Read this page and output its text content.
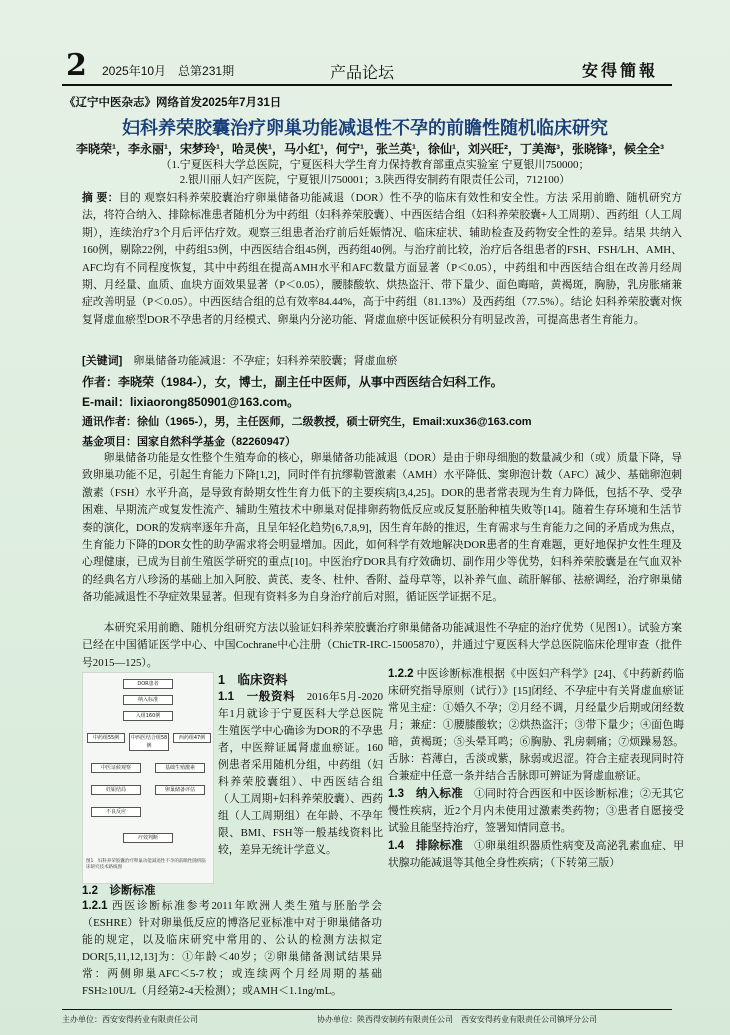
2 2025年10月　总第231期	产品论坛	安得簡報
《辽宁中医杂志》网络首发2025年7月31日
妇科养荣胶囊治疗卵巢功能减退性不孕的前瞻性随机临床研究
李晓荣¹，李永丽¹，宋梦玲¹，哈灵侠¹，马小红¹，何宁¹，张兰英¹，徐仙¹，刘兴旺²，丁美海³，张晓锋³，候全全³
（1.宁夏医科大学总医院，宁夏医科大学生育力保持教育部重点实验室 宁夏银川750000；
2.银川丽人妇产医院，宁夏银川750001；3.陕西得安制药有限责任公司，712100）
摘 要：目的 观察妇科养荣胶囊治疗卵巢储备功能减退（DOR）性不孕的临床有效性和安全性。方法 采用前瞻、随机研究方法，将符合纳入、排除标准患者随机分为中药组（妇科养荣胶囊）、中西医结合组（妇科养荣胶囊+人工周期）、西药组（人工周期），连续治疗3个月后评估疗效。观察三组患者治疗前后妊娠情况、临床症状、辅助检查及药物安全性的差异。结果 共纳入160例，剔除22例，中药组53例，中西医结合组45例，西药组40例。与治疗前比较，治疗后各组患者的FSH、FSH/LH、AMH、AFC均有不同程度恢复，其中中药组在提高AMH水平和AFC数量方面显著（P＜0.05），中药组和中西医结合组在改善月经周期、月经量、血质、血块方面效果显著（P＜0.05），腰膝酸软、烘热盗汗、带下量少、面色晦暗，黄褐斑，胸胁，乳房胀痛兼症改善明显（P＜0.05）。中西医结合组的总有效率84.44%，高于中药组（81.13%）及西药组（77.5%）。结论 妇科养荣胶囊对恢复肾虚血瘀型DOR不孕患者的月经模式、卵巢内分泌功能、肾虚血瘀中医证候积分有明显改善，可提高患者生育能力。
[关键词]　 卵巢储备功能减退：不孕症；妇科养荣胶囊；肾虚血瘀
作者：李晓荣（1984-），女，博士，副主任中医师，从事中西医结合妇科工作。
E-mail：lixiaorong850901@163.com。
通讯作者：徐仙（1965-），男，主任医师，二级教授，硕士研究生，Email:xux36@163.com
基金项目：国家自然科学基金（82260947）
卵巢储备功能是女性整个生殖寿命的核心，卵巢储备功能减退（DOR）是由于卵母细胞的数量减少和（或）质量下降，导致卵巢功能不足，引起生育能力下降[1,2]，同时伴有抗缪勒管激素（AMH）水平降低、窦卵泡计数（AFC）减少、基础卵泡刺激素（FSH）水平升高，是导致育龄期女性生育力低下的主要疾病[3,4,25]。DOR的患者常表现为生育力降低，包括不孕、受孕困难、早期流产或复发性流产、辅助生殖技术中卵巢对促排卵药物低反应或反复胚胎种植失败等[14]。随着生存环境和生活节奏的演化，DOR的发病率逐年升高，且呈年轻化趋势[6,7,8,9]，因生育年龄的推迟，生育需求与生育能力之间的矛盾成为焦点，生育能力下降的DOR女性的助孕需求将会明显增加。因此，如何科学有效地解决DOR患者的生育难题，更好地保护女性生理及心理健康，已成为目前生殖医学研究的重点[10]。中医治疗DOR具有疗效确切、副作用少等优势，妇科养荣胶囊是在气血双补的经典名方八珍汤的基础上加入阿胶、黄芪、麦冬、杜仲、香附、益母草等，以补养气血、疏肝解郁、祛瘀调经，治疗卵巢储备功能减退性不孕症效果显著。但现有资料多为自身治疗前后对照，循证医学证据不足。
本研究采用前瞻、随机分组研究方法以验证妇科养荣胶囊治疗卵巢储备功能减退性不孕症的治疗优势（见图1）。试验方案已经在中国循证医学中心、中国Cochrane中心注册（ChicTR-IRC-15005870），并通过宁夏医科大学总医院临床伦理审查（批件号2015—125）。
DOR患者
纳入标准
入组160例
中药组55例	中西医结合组58例
西药组47例
中医证候观察	基础生殖激素
妊娠结局	卵巢储备评估
不良反应
疗效判断
图1　妇科养荣胶囊治疗卵巢功能减退性不孕的前瞻性随机临床研究技术路线图
1　临床资料
1.1　一般资料　 2016年5月-2020年1月就诊于宁夏医科大学总医院生殖医学中心确诊为DOR的不孕患者，中医辩证属肾虚血瘀证。160例患者采用随机分组，中药组（妇科养荣胶囊组）、中西医结合组（人工周期+妇科养荣胶囊）、西药组（人工周期组）在年龄、不孕年限、BMI、FSH等一般基线资料比较，差异无统计学意义。
1.2　诊断标准
1.2.1 西医诊断标准参考2011年欧洲人类生殖与胚胎学会（ESHRE）针对卵巢低反应的博洛尼亚标准中对于卵巢储备功能的规定，以及临床研究中常用的、公认的检测方法拟定DOR[5,11,12,13]为：①年龄＜40岁；②卵巢储备测试结果异常：两侧卵巢AFC＜5-7枚；或连续两个月经周期的基础FSH≥10U/L（月经第2-4天检测）；或AMH＜1.1ng/mL。
1.2.2 中医诊断标准根据《中医妇产科学》[24]、《中药新药临床研究指导原则（试行）》[15]闭经、不孕症中有关肾虚血瘀证常见主症：①婚久不孕；②月经不调，月经量少后期或闭经数月；兼症：①腰膝酸软；②烘热盗汗；③带下量少；④面色晦暗，黄褐斑；⑤头晕耳鸣；⑥胸胁、乳房刺痛；⑦烦躁易怒。舌脉：苔薄白，舌淡或紫，脉弱或迟涩。符合主症表现同时符合兼症中任意一条并结合舌脉即可辨证为肾虚血瘀证。
1.3　纳入标准　 ①同时符合西医和中医诊断标准；②无其它慢性疾病，近2个月内未使用过激素类药物；③患者自愿接受试验且能坚持治疗，签署知情同意书。
1.4　排除标准　 ①卵巢组织器质性病变及高泌乳素血症、甲状腺功能减退等其他全身性疾病；（下转第三版）
主办单位：西安安得药业有限责任公司	协办单位：陕西得安制药有限责任公司　西安安得药业有限责任公司镇坪分公司
